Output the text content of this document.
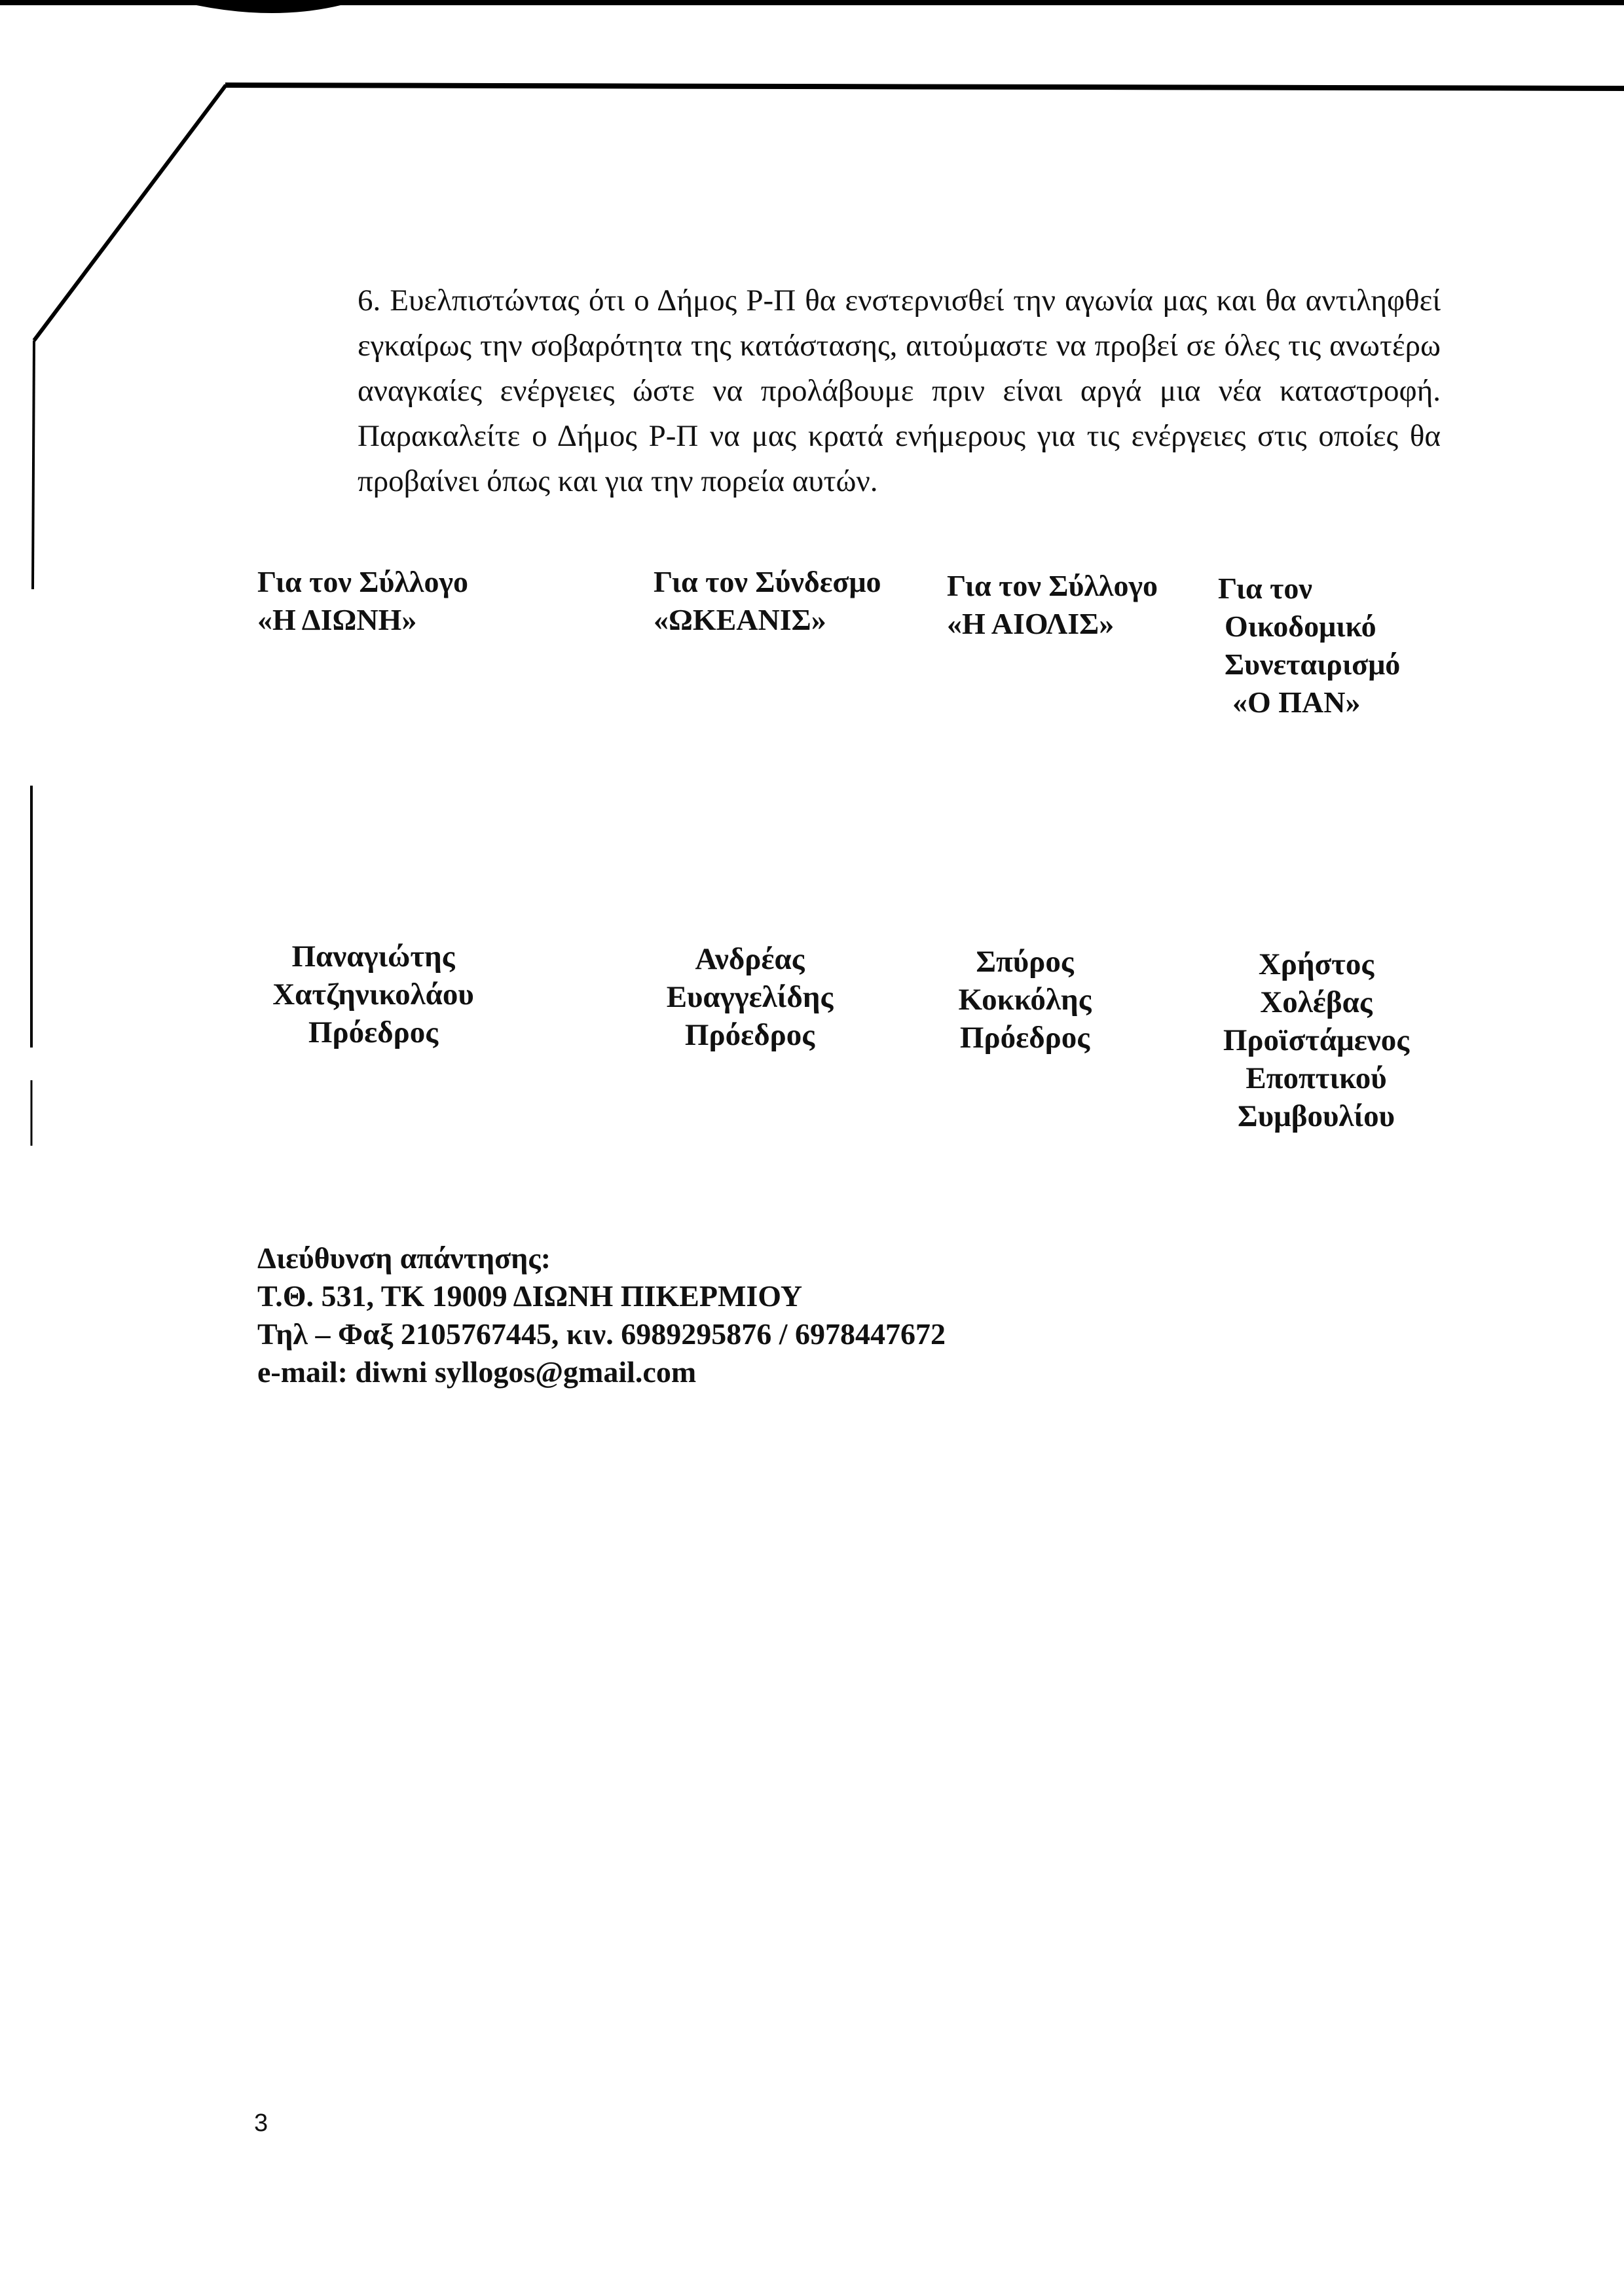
6. Ευελπιστώντας ότι ο Δήμος Ρ-Π θα ενστερνισθεί την αγωνία μας και θα αντιληφθεί εγκαίρως την σοβαρότητα της κατάστασης, αιτούμαστε να προβεί σε όλες τις ανωτέρω αναγκαίες ενέργειες ώστε να προλάβουμε πριν είναι αργά μια νέα καταστροφή. Παρακαλείτε ο Δήμος Ρ-Π να μας κρατά ενήμερους για τις ενέργειες στις οποίες θα προβαίνει όπως και για την πορεία αυτών.

Για τον Σύλλογο
«Η ΔΙΩΝΗ»
Για τον Σύνδεσμο
«ΩΚΕΑΝΙΣ»
Για τον Σύλλογο
«Η ΑΙΟΛΙΣ»
Για τον
Οικοδομικό
Συνεταιρισμό
«Ο ΠΑΝ»
Παναγιώτης
Χατζηνικολάου
Πρόεδρος
Ανδρέας
Ευαγγελίδης
Πρόεδρος
Σπύρος
Κοκκόλης
Πρόεδρος
Χρήστος
Χολέβας
Προϊστάμενος
Εποπτικού
Συμβουλίου
Διεύθυνση απάντησης:
Τ.Θ. 531, ΤΚ 19009 ΔΙΩΝΗ ΠΙΚΕΡΜΙΟΥ
Τηλ – Φαξ 2105767445, κιν. 6989295876 / 6978447672
e-mail: diwni syllogos@gmail.com
3
